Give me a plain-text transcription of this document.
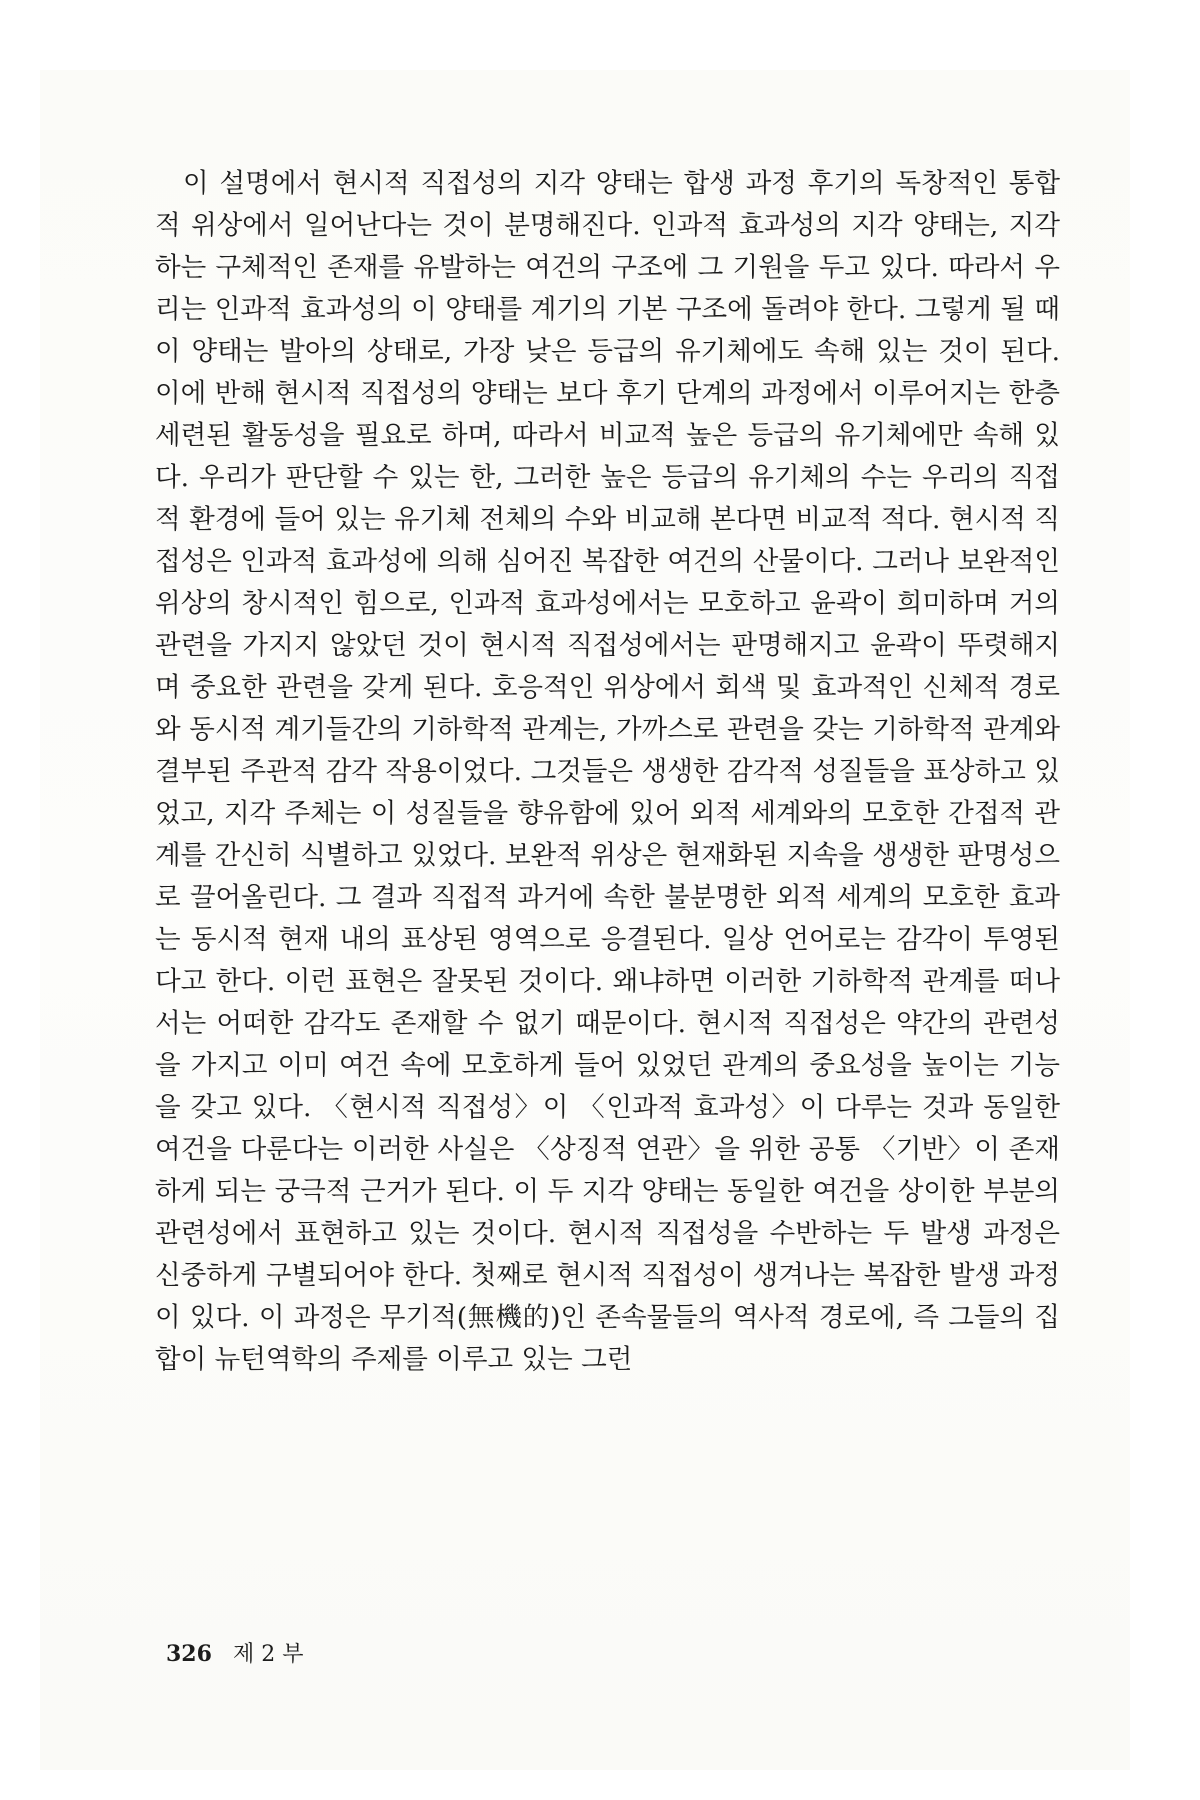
이 설명에서 현시적 직접성의 지각 양태는 합생 과정 후기의 독창적인 통합적 위상에서 일어난다는 것이 분명해진다. 인과적 효과성의 지각 양태는, 지각하는 구체적인 존재를 유발하는 여건의 구조에 그 기원을 두고 있다. 따라서 우리는 인과적 효과성의 이 양태를 계기의 기본 구조에 돌려야 한다. 그렇게 될 때 이 양태는 발아의 상태로, 가장 낮은 등급의 유기체에도 속해 있는 것이 된다. 이에 반해 현시적 직접성의 양태는 보다 후기 단계의 과정에서 이루어지는 한층 세련된 활동성을 필요로 하며, 따라서 비교적 높은 등급의 유기체에만 속해 있다. 우리가 판단할 수 있는 한, 그러한 높은 등급의 유기체의 수는 우리의 직접적 환경에 들어 있는 유기체 전체의 수와 비교해 본다면 비교적 적다. 현시적 직접성은 인과적 효과성에 의해 심어진 복잡한 여건의 산물이다. 그러나 보완적인 위상의 창시적인 힘으로, 인과적 효과성에서는 모호하고 윤곽이 희미하며 거의 관련을 가지지 않았던 것이 현시적 직접성에서는 판명해지고 윤곽이 뚜렷해지며 중요한 관련을 갖게 된다. 호응적인 위상에서 회색 및 효과적인 신체적 경로와 동시적 계기들간의 기하학적 관계는, 가까스로 관련을 갖는 기하학적 관계와 결부된 주관적 감각 작용이었다. 그것들은 생생한 감각적 성질들을 표상하고 있었고, 지각 주체는 이 성질들을 향유함에 있어 외적 세계와의 모호한 간접적 관계를 간신히 식별하고 있었다. 보완적 위상은 현재화된 지속을 생생한 판명성으로 끌어올린다. 그 결과 직접적 과거에 속한 불분명한 외적 세계의 모호한 효과는 동시적 현재 내의 표상된 영역으로 응결된다. 일상 언어로는 감각이 투영된다고 한다. 이런 표현은 잘못된 것이다. 왜냐하면 이러한 기하학적 관계를 떠나서는 어떠한 감각도 존재할 수 없기 때문이다. 현시적 직접성은 약간의 관련성을 가지고 이미 여건 속에 모호하게 들어 있었던 관계의 중요성을 높이는 기능을 갖고 있다. 〈현시적 직접성〉이 〈인과적 효과성〉이 다루는 것과 동일한 여건을 다룬다는 이러한 사실은 〈상징적 연관〉을 위한 공통 〈기반〉이 존재하게 되는 궁극적 근거가 된다. 이 두 지각 양태는 동일한 여건을 상이한 부분의 관련성에서 표현하고 있는 것이다. 현시적 직접성을 수반하는 두 발생 과정은 신중하게 구별되어야 한다. 첫째로 현시적 직접성이 생겨나는 복잡한 발생 과정이 있다. 이 과정은 무기적(無機的)인 존속물들의 역사적 경로에, 즉 그들의 집합이 뉴턴역학의 주제를 이루고 있는 그런

326 제 2 부
